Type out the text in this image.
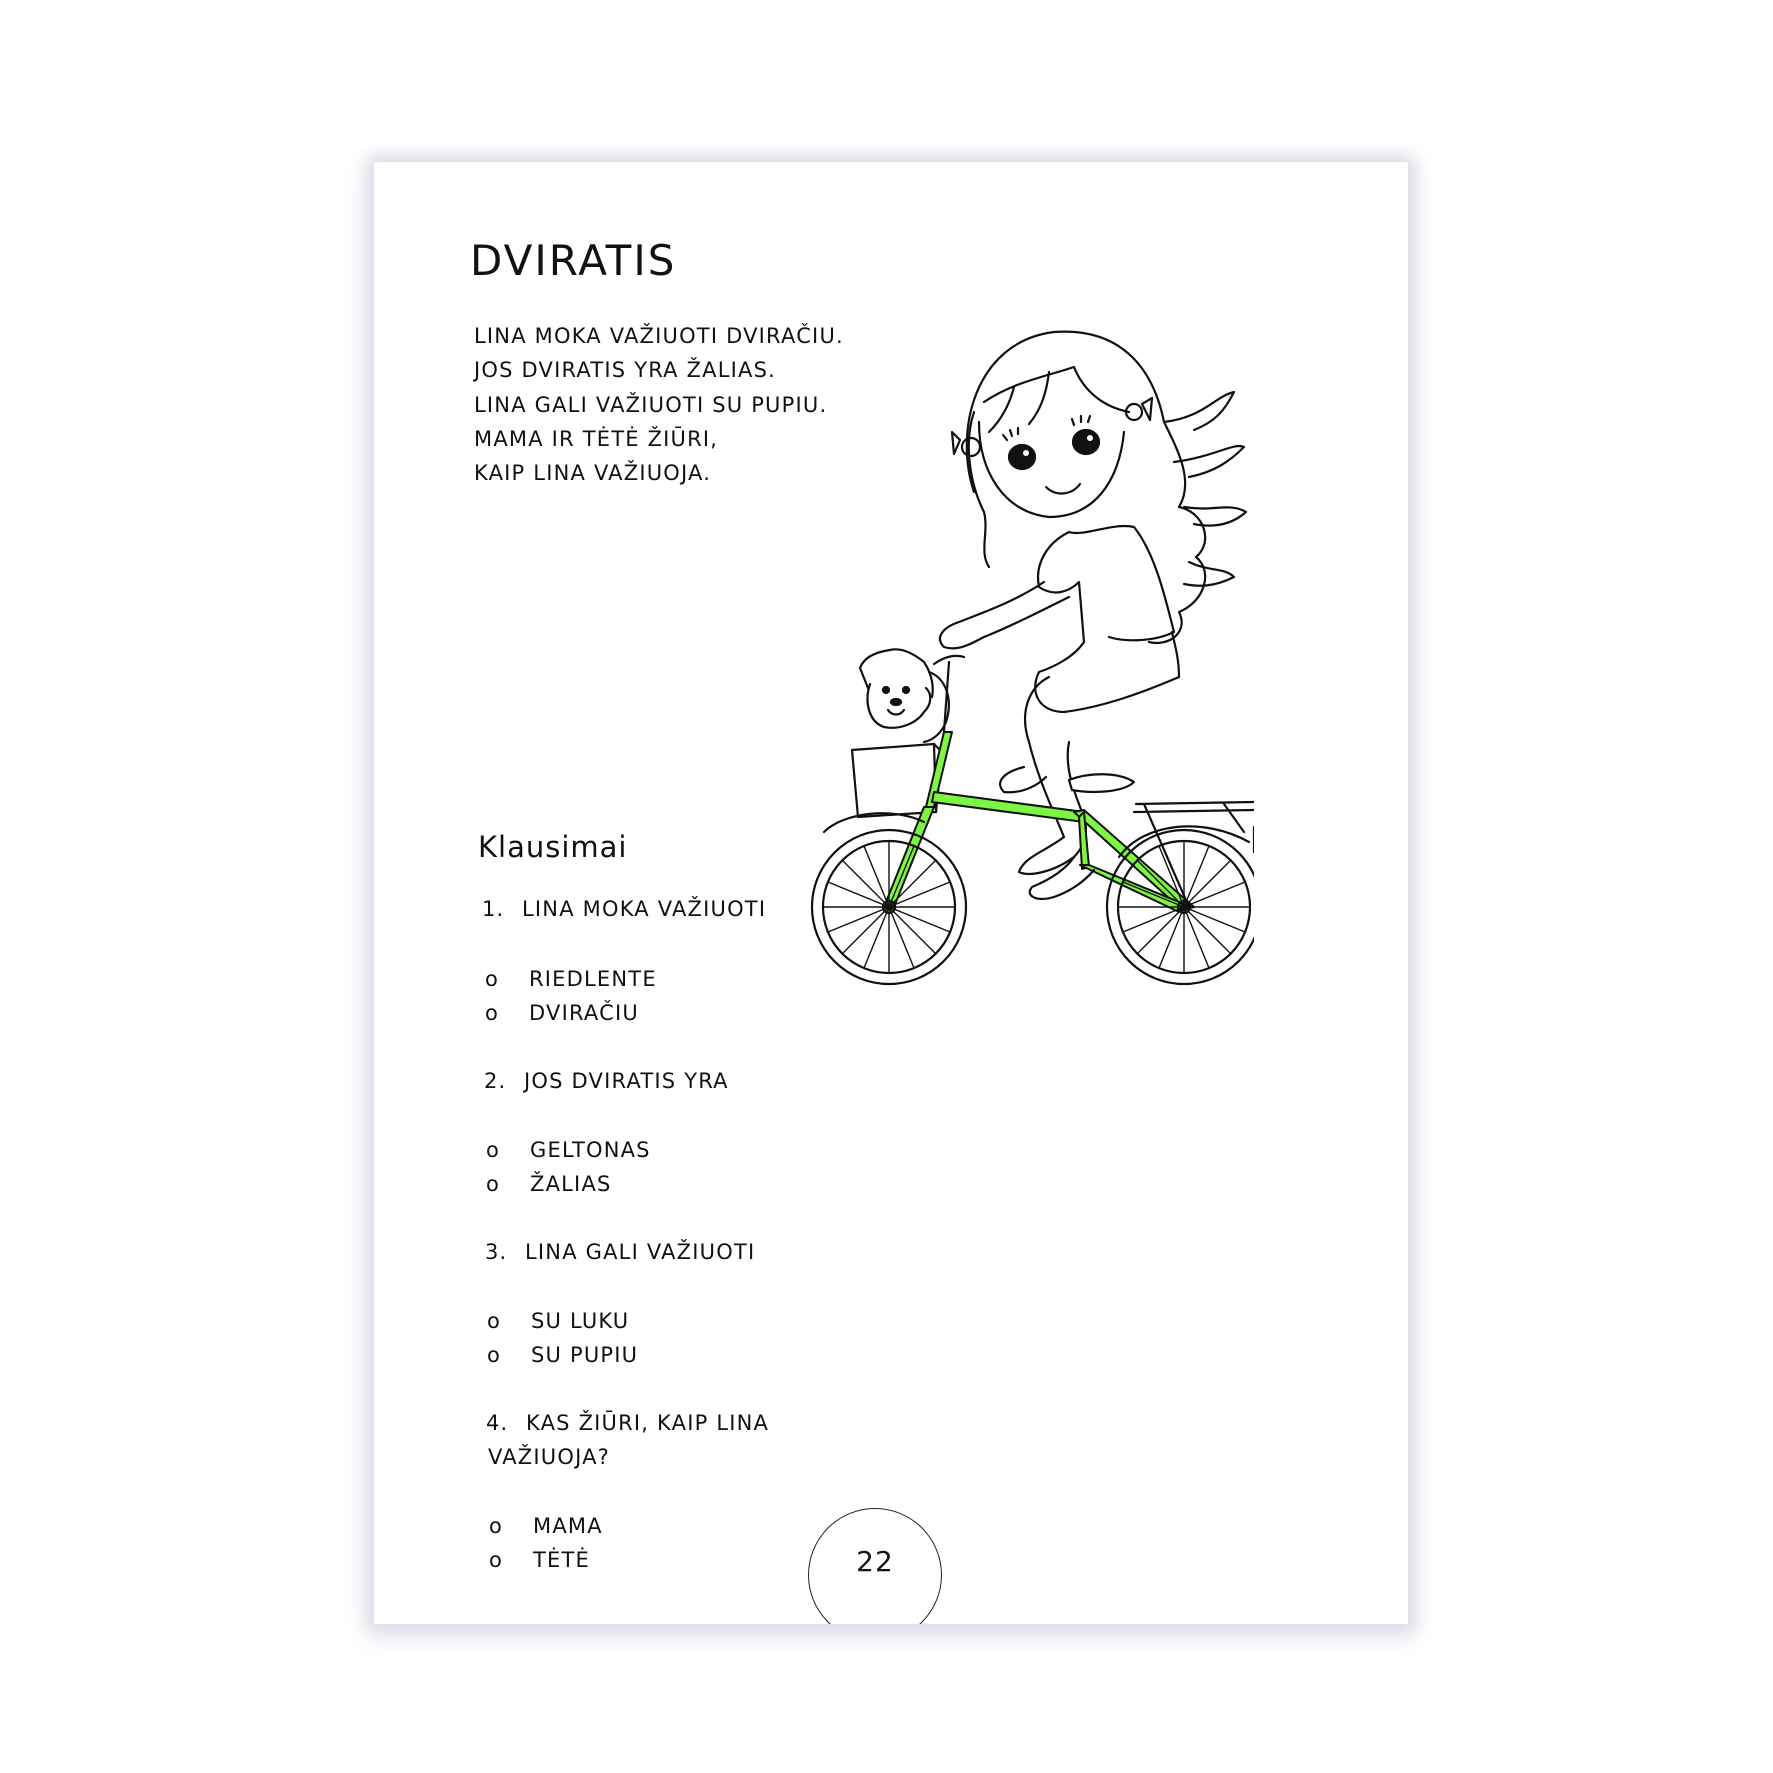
DVIRATIS
LINA MOKA VAŽIUOTI DVIRAČIU.
JOS DVIRATIS YRA ŽALIAS.
LINA GALI VAŽIUOTI SU PUPIU.
MAMA IR TĖTĖ ŽIŪRI,
KAIP LINA VAŽIUOJA.
Klausimai
1. LINA MOKA VAŽIUOTI
o RIEDLENTE
o DVIRAČIU
2. JOS DVIRATIS YRA
o GELTONAS
o ŽALIAS
3. LINA GALI VAŽIUOTI
o SU LUKU
o SU PUPIU
4. KAS ŽIŪRI, KAIP LINA
VAŽIUOJA?
o MAMA
o TĖTĖ	22
